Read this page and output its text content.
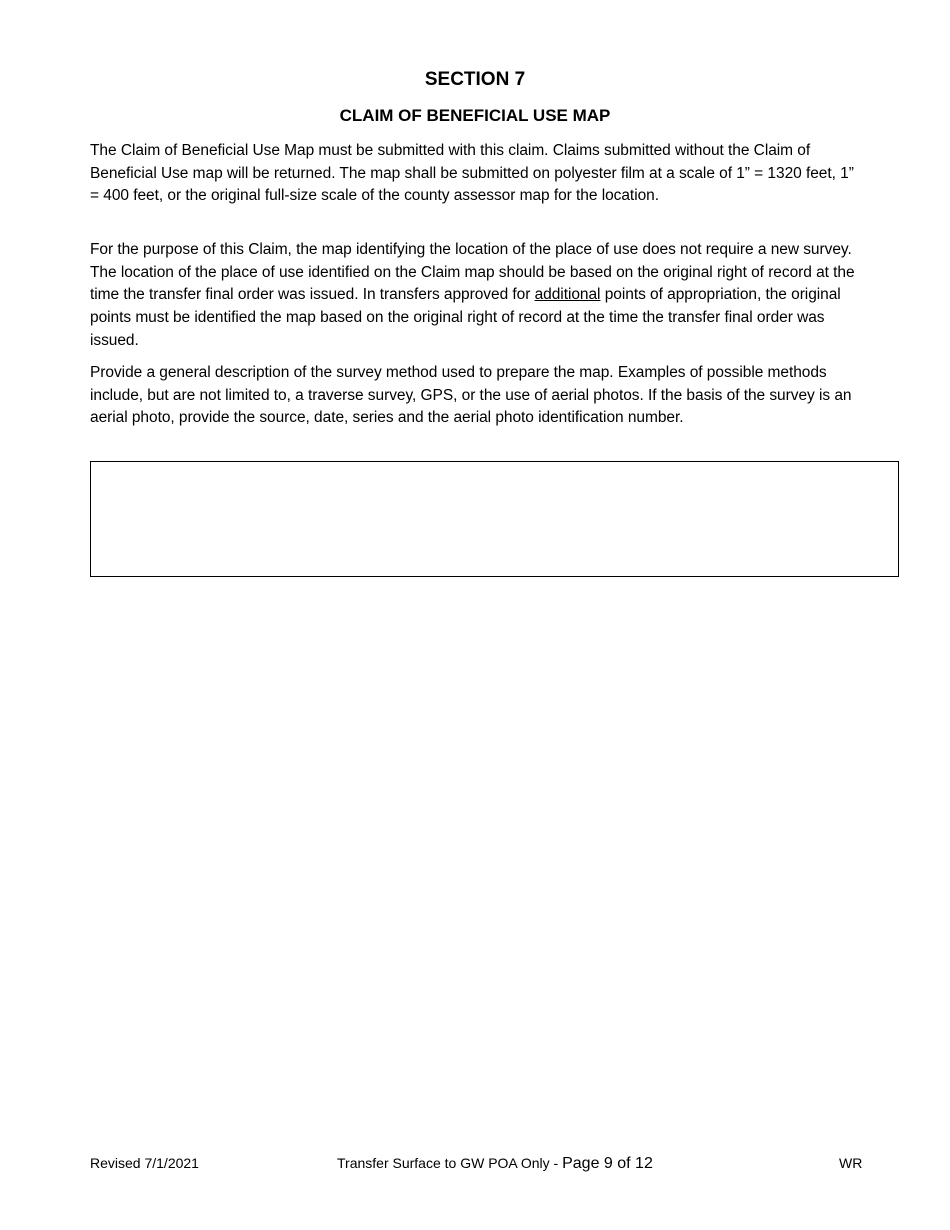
SECTION 7
CLAIM OF BENEFICIAL USE MAP

The Claim of Beneficial Use Map must be submitted with this claim. Claims submitted without the Claim of Beneficial Use map will be returned. The map shall be submitted on polyester film at a scale of 1” = 1320 feet, 1” = 400 feet, or the original full-size scale of the county assessor map for the location.

For the purpose of this Claim, the map identifying the location of the place of use does not require a new survey. The location of the place of use identified on the Claim map should be based on the original right of record at the time the transfer final order was issued. In transfers approved for additional points of appropriation, the original points must be identified the map based on the original right of record at the time the transfer final order was issued.

Provide a general description of the survey method used to prepare the map. Examples of possible methods include, but are not limited to, a traverse survey, GPS, or the use of aerial photos. If the basis of the survey is an aerial photo, provide the source, date, series and the aerial photo identification number.

Revised 7/1/2021	Transfer Surface to GW POA Only - Page 9 of 12	WR
